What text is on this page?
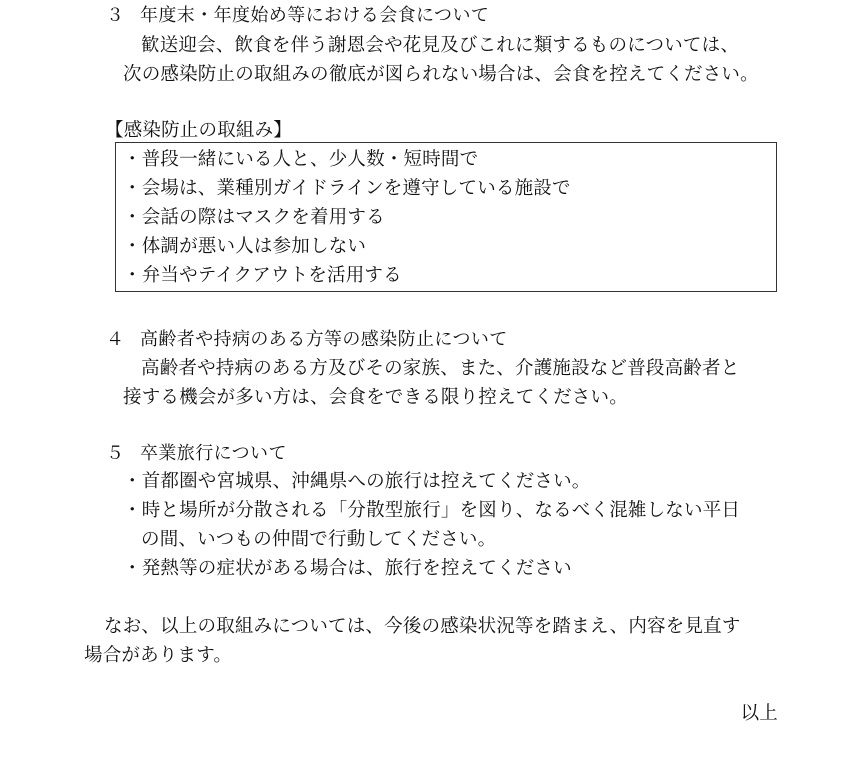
３ 年度末・年度始め等における会食について
歓送迎会、飲食を伴う謝恩会や花見及びこれに類するものについては、
次の感染防止の取組みの徹底が図られない場合は、会食を控えてください。
【感染防止の取組み】
・普段一緒にいる人と、少人数・短時間で
・会場は、業種別ガイドラインを遵守している施設で
・会話の際はマスクを着用する
・体調が悪い人は参加しない
・弁当やテイクアウトを活用する
４ 高齢者や持病のある方等の感染防止について
高齢者や持病のある方及びその家族、また、介護施設など普段高齢者と
接する機会が多い方は、会食をできる限り控えてください。
５ 卒業旅行について
・首都圏や宮城県、沖縄県への旅行は控えてください。
・時と場所が分散される「分散型旅行」を図り、なるべく混雑しない平日
の間、いつもの仲間で行動してください。
・発熱等の症状がある場合は、旅行を控えてください
なお、以上の取組みについては、今後の感染状況等を踏まえ、内容を見直す
場合があります。
以上
